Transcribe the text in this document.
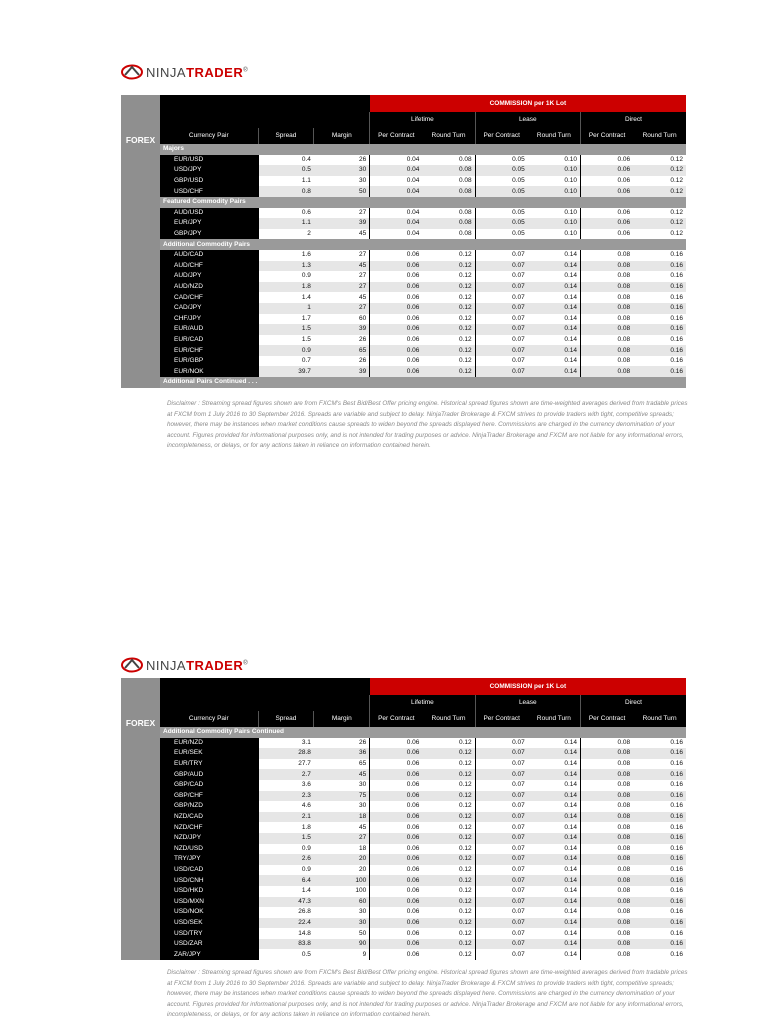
NINJATRADER®
FOREX
			COMMISSION per 1K Lot					
			Lifetime		Lease		Direct	
Currency Pair	Spread	Margin	Per Contract	Round Turn	Per Contract	Round Turn	Per Contract	Round Turn
Majors								
EUR/USD	0.4	26	0.04	0.08	0.05	0.10	0.06	0.12
USD/JPY	0.5	30	0.04	0.08	0.05	0.10	0.06	0.12
GBP/USD	1.1	30	0.04	0.08	0.05	0.10	0.06	0.12
USD/CHF	0.8	50	0.04	0.08	0.05	0.10	0.06	0.12
Featured Commodity Pairs								
AUD/USD	0.6	27	0.04	0.08	0.05	0.10	0.06	0.12
EUR/JPY	1.1	39	0.04	0.08	0.05	0.10	0.06	0.12
GBP/JPY	2	45	0.04	0.08	0.05	0.10	0.06	0.12
Additional Commodity Pairs								
AUD/CAD	1.6	27	0.06	0.12	0.07	0.14	0.08	0.16
AUD/CHF	1.3	45	0.06	0.12	0.07	0.14	0.08	0.16
AUD/JPY	0.9	27	0.06	0.12	0.07	0.14	0.08	0.16
AUD/NZD	1.8	27	0.06	0.12	0.07	0.14	0.08	0.16
CAD/CHF	1.4	45	0.06	0.12	0.07	0.14	0.08	0.16
CAD/JPY	1	27	0.06	0.12	0.07	0.14	0.08	0.16
CHF/JPY	1.7	60	0.06	0.12	0.07	0.14	0.08	0.16
EUR/AUD	1.5	39	0.06	0.12	0.07	0.14	0.08	0.16
EUR/CAD	1.5	26	0.06	0.12	0.07	0.14	0.08	0.16
EUR/CHF	0.9	65	0.06	0.12	0.07	0.14	0.08	0.16
EUR/GBP	0.7	26	0.06	0.12	0.07	0.14	0.08	0.16
EUR/NOK	39.7	39	0.06	0.12	0.07	0.14	0.08	0.16
Additional Pairs Continued . . .								
Disclaimer : Streaming spread figures shown are from FXCM's Best Bid/Best Offer pricing engine. Historical spread figures shown are time-weighted averages derived from tradable prices at FXCM from 1 July 2016 to 30 September 2016. Spreads are variable and subject to delay. NinjaTrader Brokerage & FXCM strives to provide traders with tight, competitive spreads; however, there may be instances when market conditions cause spreads to widen beyond the spreads displayed here. Commissions are charged in the currency denomination of your account. Figures provided for informational purposes only, and is not intended for trading purposes or advice. NinjaTrader Brokerage and FXCM are not liable for any informational errors, incompleteness, or delays, or for any actions taken in reliance on information contained herein.
NINJATRADER®
FOREX
			COMMISSION per 1K Lot					
			Lifetime		Lease		Direct	
Currency Pair	Spread	Margin	Per Contract	Round Turn	Per Contract	Round Turn	Per Contract	Round Turn
Additional Commodity Pairs Continued								
EUR/NZD	3.1	26	0.06	0.12	0.07	0.14	0.08	0.16
EUR/SEK	28.8	36	0.06	0.12	0.07	0.14	0.08	0.16
EUR/TRY	27.7	65	0.06	0.12	0.07	0.14	0.08	0.16
GBP/AUD	2.7	45	0.06	0.12	0.07	0.14	0.08	0.16
GBP/CAD	3.6	30	0.06	0.12	0.07	0.14	0.08	0.16
GBP/CHF	2.3	75	0.06	0.12	0.07	0.14	0.08	0.16
GBP/NZD	4.6	30	0.06	0.12	0.07	0.14	0.08	0.16
NZD/CAD	2.1	18	0.06	0.12	0.07	0.14	0.08	0.16
NZD/CHF	1.8	45	0.06	0.12	0.07	0.14	0.08	0.16
NZD/JPY	1.5	27	0.06	0.12	0.07	0.14	0.08	0.16
NZD/USD	0.9	18	0.06	0.12	0.07	0.14	0.08	0.16
TRY/JPY	2.6	20	0.06	0.12	0.07	0.14	0.08	0.16
USD/CAD	0.9	20	0.06	0.12	0.07	0.14	0.08	0.16
USD/CNH	6.4	100	0.06	0.12	0.07	0.14	0.08	0.16
USD/HKD	1.4	100	0.06	0.12	0.07	0.14	0.08	0.16
USD/MXN	47.3	60	0.06	0.12	0.07	0.14	0.08	0.16
USD/NOK	26.8	30	0.06	0.12	0.07	0.14	0.08	0.16
USD/SEK	22.4	30	0.06	0.12	0.07	0.14	0.08	0.16
USD/TRY	14.8	50	0.06	0.12	0.07	0.14	0.08	0.16
USD/ZAR	83.8	90	0.06	0.12	0.07	0.14	0.08	0.16
ZAR/JPY	0.5	9	0.06	0.12	0.07	0.14	0.08	0.16
Disclaimer : Streaming spread figures shown are from FXCM's Best Bid/Best Offer pricing engine. Historical spread figures shown are time-weighted averages derived from tradable prices at FXCM from 1 July 2016 to 30 September 2016. Spreads are variable and subject to delay. NinjaTrader Brokerage & FXCM strives to provide traders with tight, competitive spreads; however, there may be instances when market conditions cause spreads to widen beyond the spreads displayed here. Commissions are charged in the currency denomination of your account. Figures provided for informational purposes only, and is not intended for trading purposes or advice. NinjaTrader Brokerage and FXCM are not liable for any informational errors, incompleteness, or delays, or for any actions taken in reliance on information contained herein.
